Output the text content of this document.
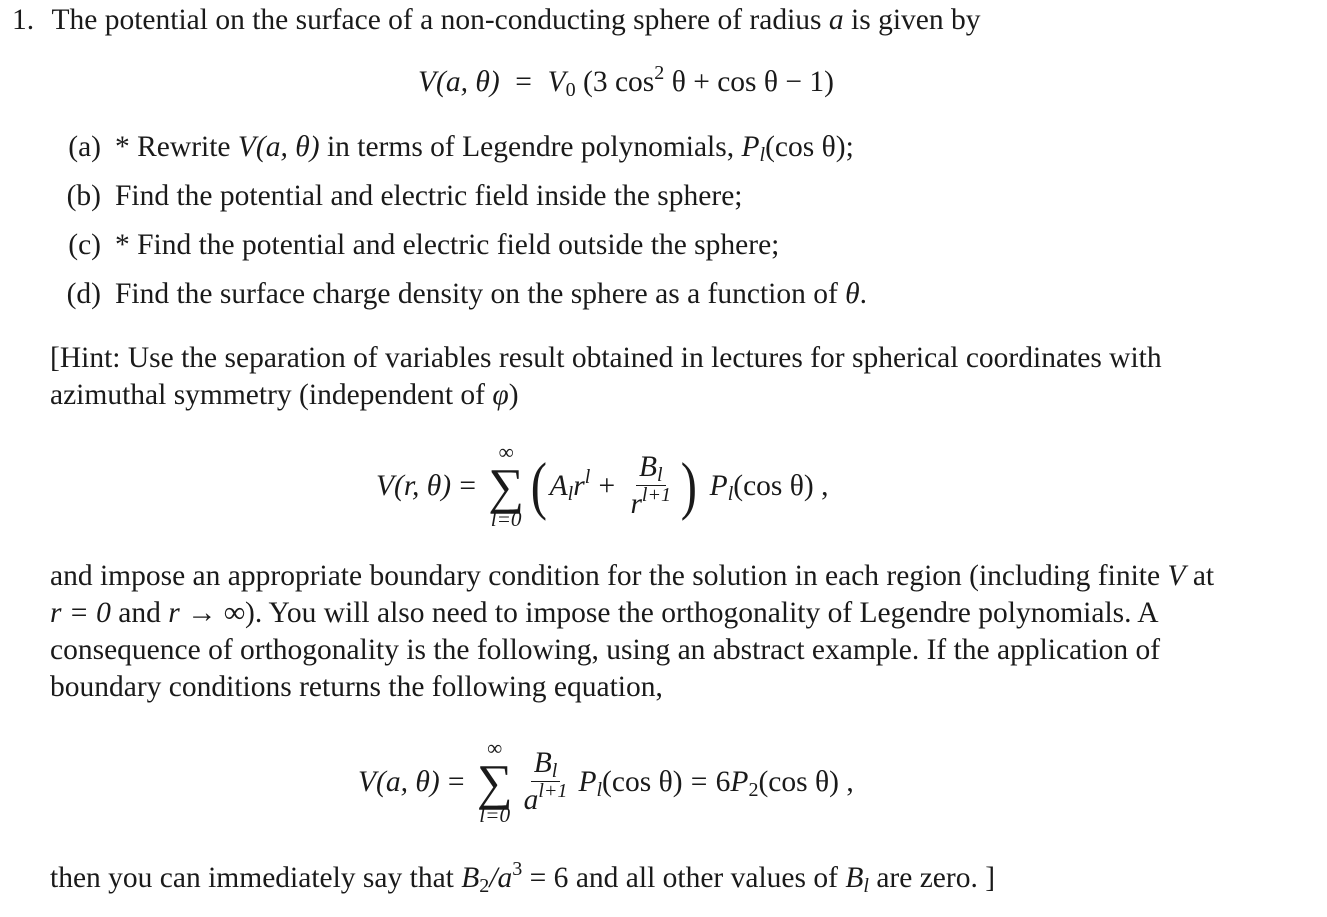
1. The potential on the surface of a non-conducting sphere of radius a is given by
V(a, $\theta) = V_0$ (3 $\cos^2 \theta + \cos \theta - 1$)
(a) * Rewrite V(a, θ) in terms of Legendre polynomials, $P_l(\cos$ θ);
(b) Find the potential and electric field inside the sphere;
(c) * Find the potential and electric field outside the sphere;
(d) Find the surface charge density on the sphere as a function of θ.
[Hint: Use the separation of variables result obtained in lectures for spherical coordinates with azimuthal symmetry (independent of φ)
V(r, θ) =
∞
∑
l=0 ( $A_lr^l + \frac{B_l}{r^{l+1}}$ ) $P_l(\cos$ θ) ,
and impose an appropriate boundary condition for the solution in each region (including finite V at r = 0 and r → ∞). You will also need to impose the orthogonality of Legendre polynomials. A consequence of orthogonality is the following, using an abstract example. If the application of boundary conditions returns the following equation,
V(a, θ) =
∞
∑
$l=0 \frac{B_l}{a^{l+1}} P_l(\cos$ $\theta) = 6P_2(\cos$ θ) ,
then you can immediately say that $B_2/a^3 = 6$ and all other values of $B_l$ are zero. ]
